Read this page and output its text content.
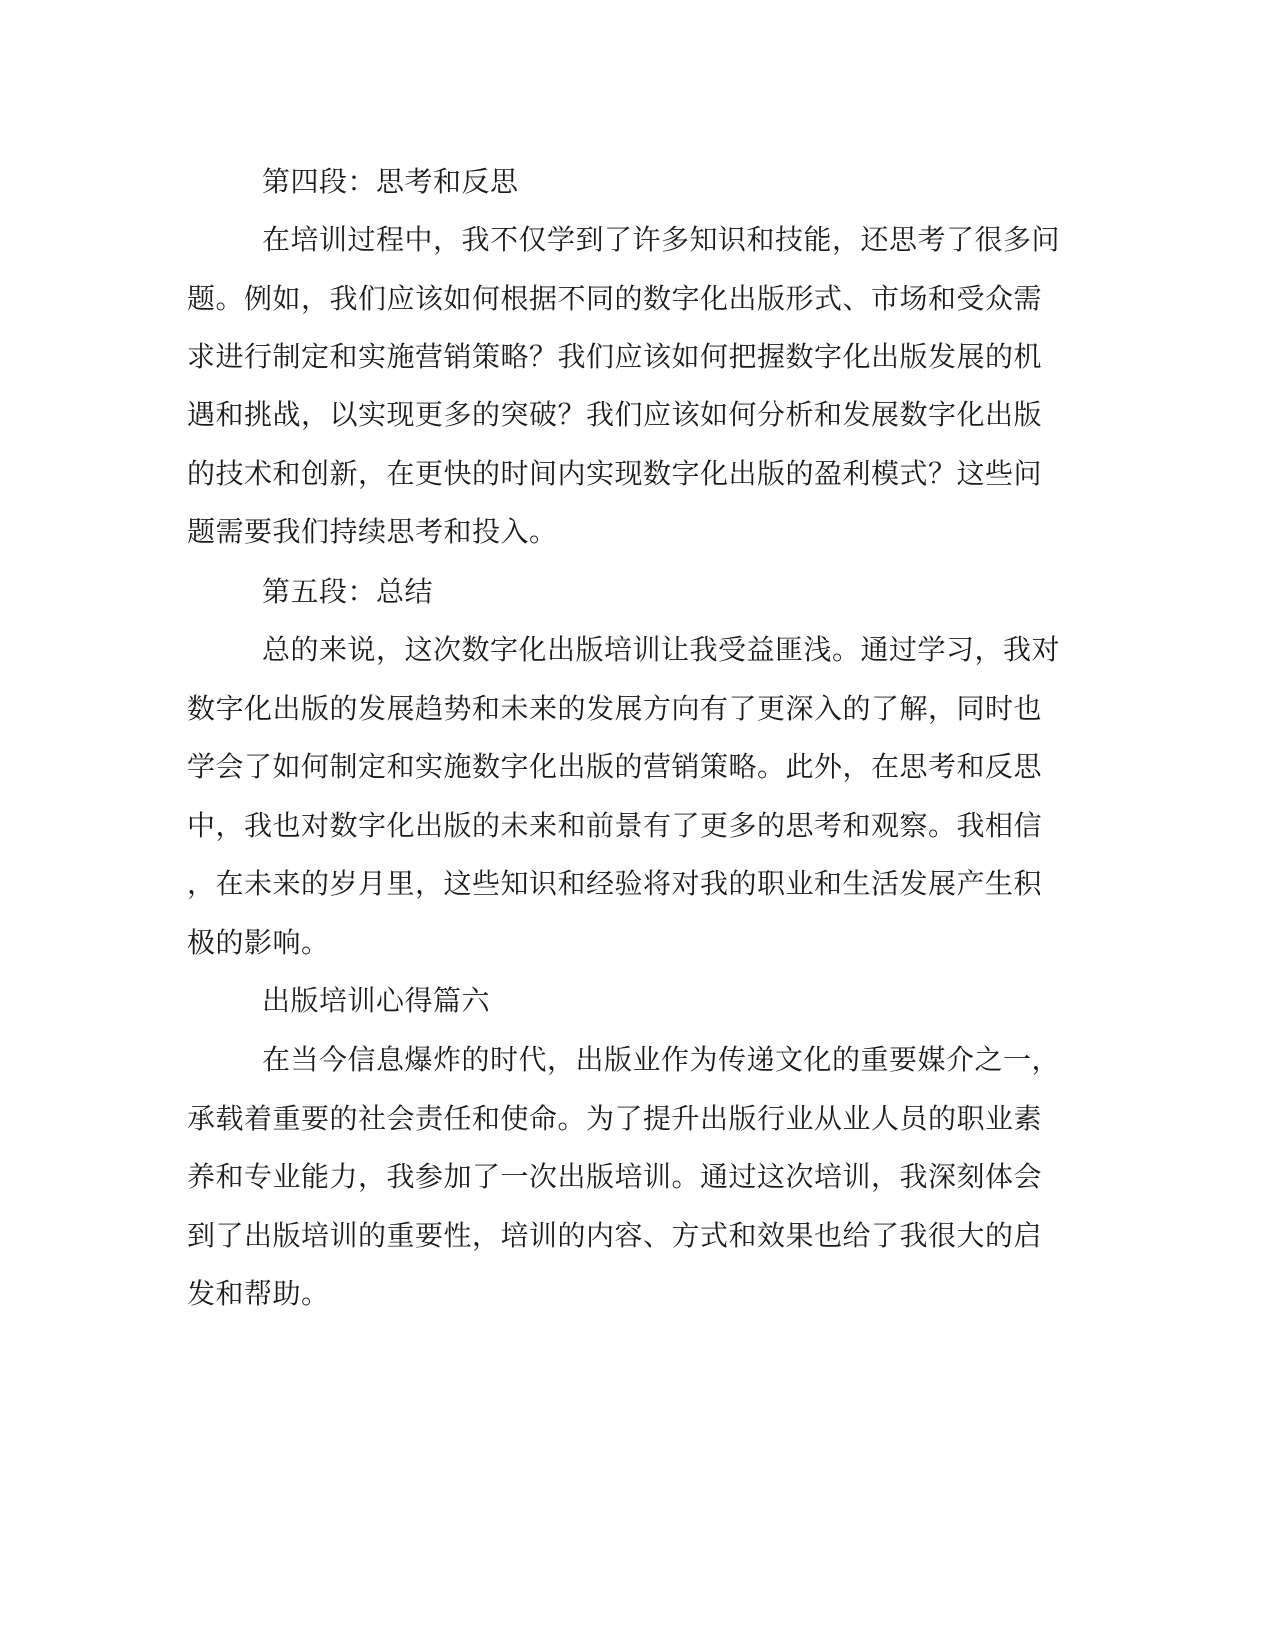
第四段：思考和反思
在培训过程中，我不仅学到了许多知识和技能，还思考了很多问
题。例如，我们应该如何根据不同的数字化出版形式、市场和受众需
求进行制定和实施营销策略？我们应该如何把握数字化出版发展的机
遇和挑战，以实现更多的突破？我们应该如何分析和发展数字化出版
的技术和创新，在更快的时间内实现数字化出版的盈利模式？这些问
题需要我们持续思考和投入。
第五段：总结
总的来说，这次数字化出版培训让我受益匪浅。通过学习，我对
数字化出版的发展趋势和未来的发展方向有了更深入的了解，同时也
学会了如何制定和实施数字化出版的营销策略。此外，在思考和反思
中，我也对数字化出版的未来和前景有了更多的思考和观察。我相信
，在未来的岁月里，这些知识和经验将对我的职业和生活发展产生积
极的影响。
出版培训心得篇六
在当今信息爆炸的时代，出版业作为传递文化的重要媒介之一，
承载着重要的社会责任和使命。为了提升出版行业从业人员的职业素
养和专业能力，我参加了一次出版培训。通过这次培训，我深刻体会
到了出版培训的重要性，培训的内容、方式和效果也给了我很大的启
发和帮助。
